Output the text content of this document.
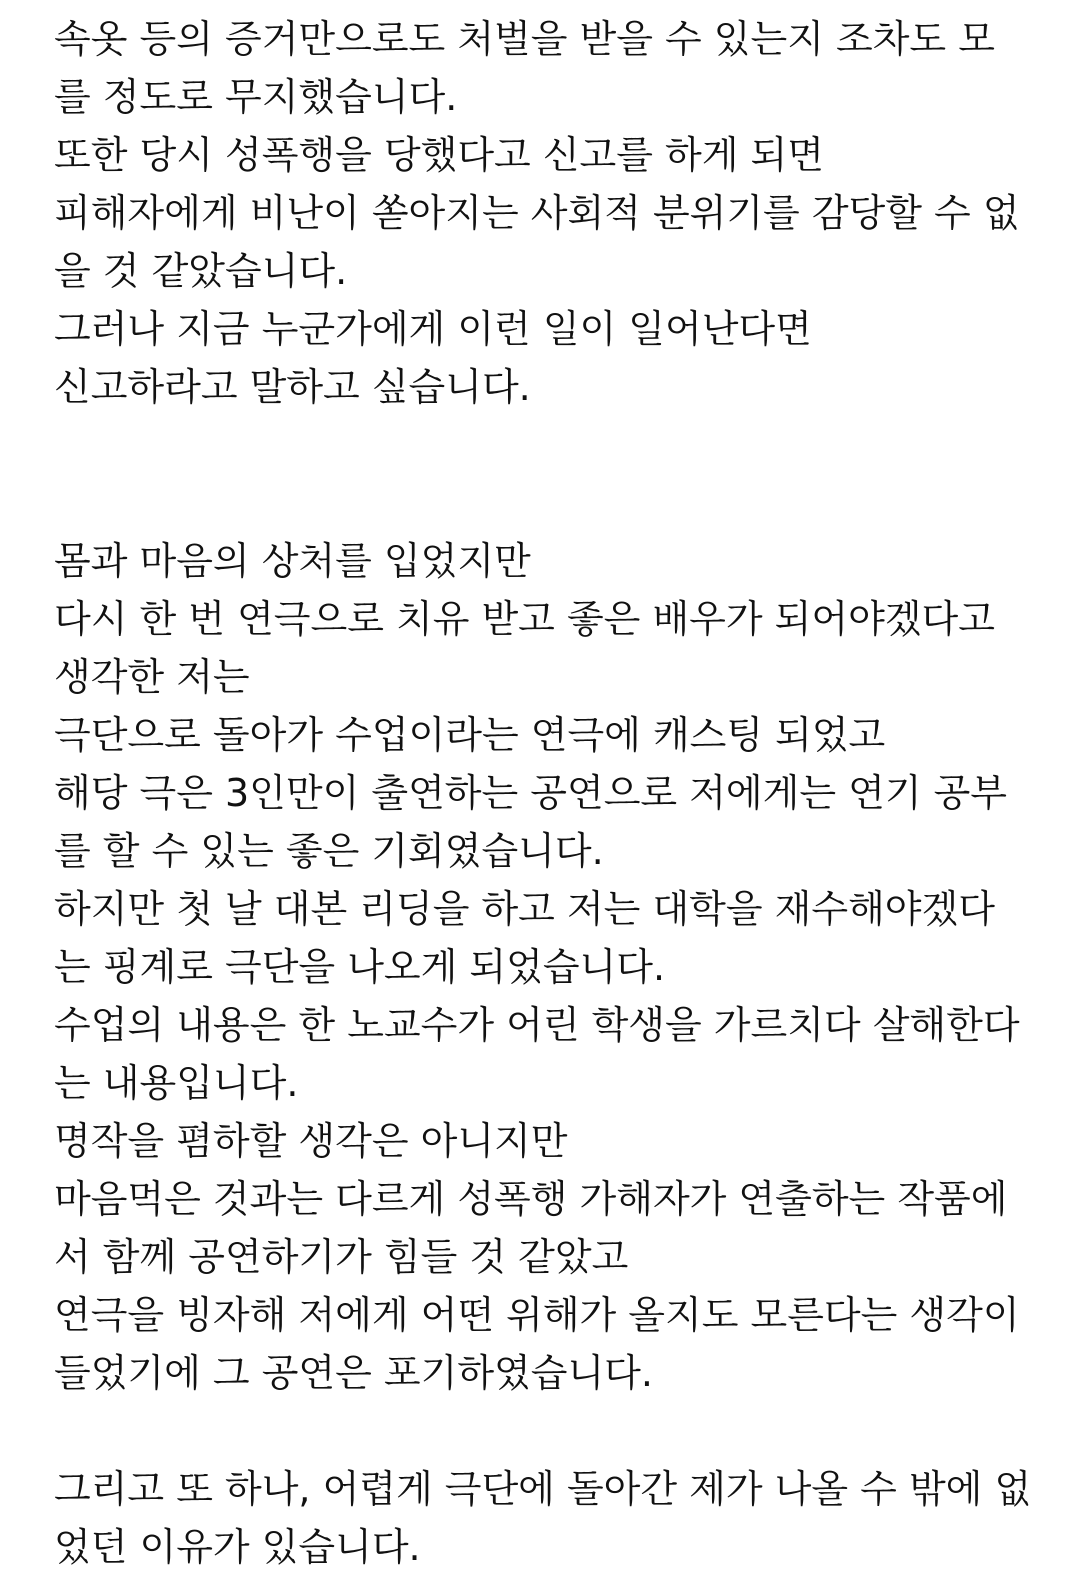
속옷 등의 증거만으로도 처벌을 받을 수 있는지 조차도 모
를 정도로 무지했습니다.
또한 당시 성폭행을 당했다고 신고를 하게 되면
피해자에게 비난이 쏟아지는 사회적 분위기를 감당할 수 없
을 것 같았습니다.
그러나 지금 누군가에게 이런 일이 일어난다면
신고하라고 말하고 싶습니다.
몸과 마음의 상처를 입었지만
다시 한 번 연극으로 치유 받고 좋은 배우가 되어야겠다고
생각한 저는
극단으로 돌아가 수업이라는 연극에 캐스팅 되었고
해당 극은 3인만이 출연하는 공연으로 저에게는 연기 공부
를 할 수 있는 좋은 기회였습니다.
하지만 첫 날 대본 리딩을 하고 저는 대학을 재수해야겠다
는 핑계로 극단을 나오게 되었습니다.
수업의 내용은 한 노교수가 어린 학생을 가르치다 살해한다
는 내용입니다.
명작을 폄하할 생각은 아니지만
마음먹은 것과는 다르게 성폭행 가해자가 연출하는 작품에
서 함께 공연하기가 힘들 것 같았고
연극을 빙자해 저에게 어떤 위해가 올지도 모른다는 생각이
들었기에 그 공연은 포기하였습니다.
그리고 또 하나, 어렵게 극단에 돌아간 제가 나올 수 밖에 없
었던 이유가 있습니다.
